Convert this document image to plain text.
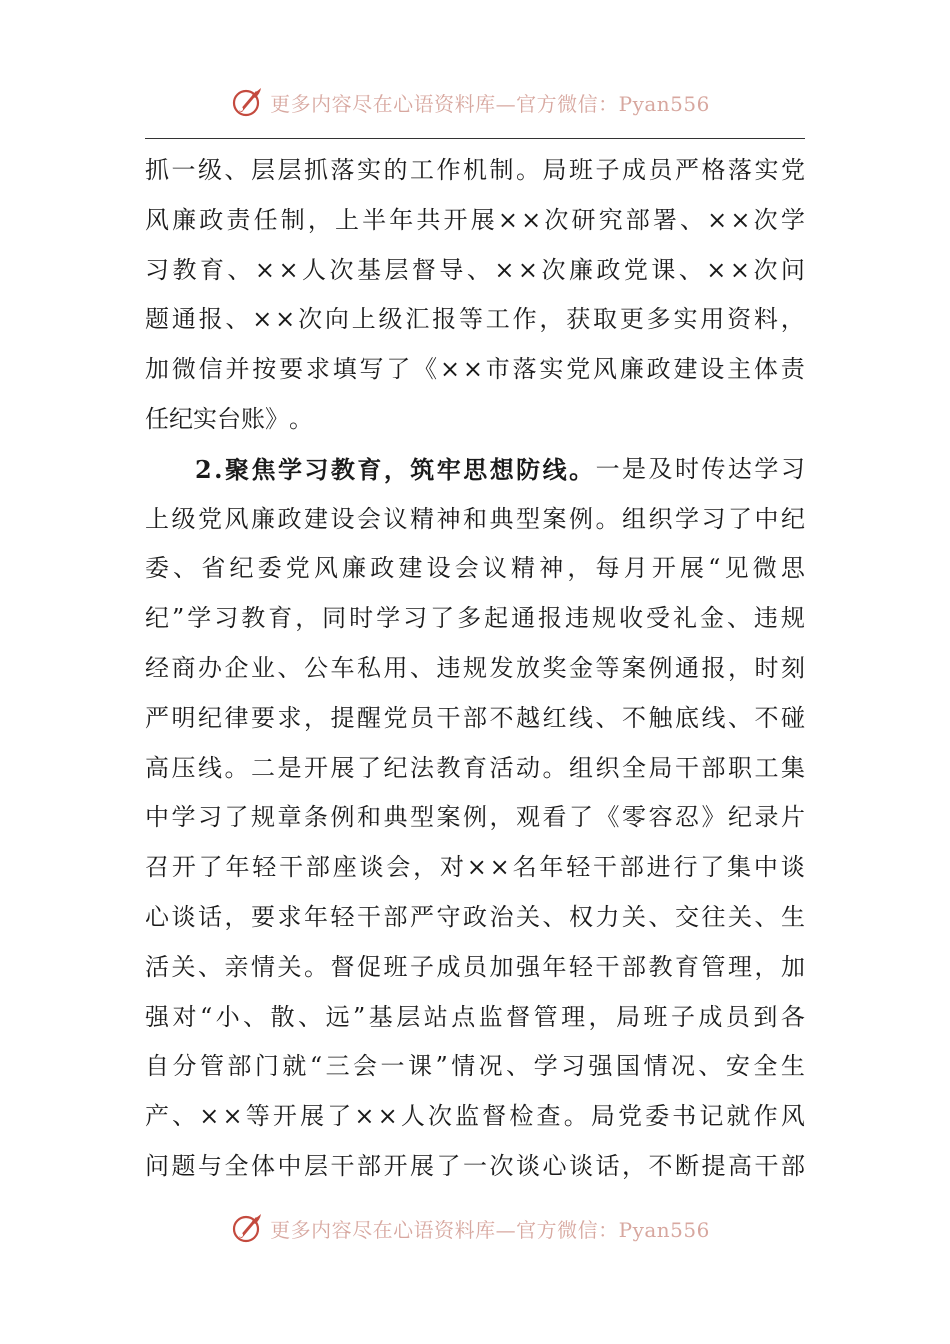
更多内容尽在心语资料库—官方微信：Pyan556
抓 一 级 、 层 层 抓 落 实 的 工 作 机 制 。 局 班 子 成 员 严 格 落 实 党
风 廉 政 责 任 制 ， 上 半 年 共 开 展 × × 次 研 究 部 署 、 × × 次 学
习 教 育 、 × × 人 次 基 层 督 导 、 × × 次 廉 政 党 课 、 × × 次 问
题 通 报 、 × × 次 向 上 级 汇 报 等 工 作 ， 获 取 更 多 实 用 资 料 ，
加 微 信 并 按 要 求 填 写 了 《 × × 市 落 实 党 风 廉 政 建 设 主 体 责
任 纪 实 台 账 》 。
2 . 聚 焦 学 习 教 育 ， 筑 牢 思 想 防 线 。 一 是 及 时 传 达 学 习
上 级 党 风 廉 政 建 设 会 议 精 神 和 典 型 案 例 。 组 织 学 习 了 中 纪
委 、 省 纪 委 党 风 廉 政 建 设 会 议 精 神 ， 每 月 开 展 “ 见 微 思
纪 ” 学 习 教 育 ， 同 时 学 习 了 多 起 通 报 违 规 收 受 礼 金 、 违 规
经 商 办 企 业 、 公 车 私 用 、 违 规 发 放 奖 金 等 案 例 通 报 ， 时 刻
严 明 纪 律 要 求 ， 提 醒 党 员 干 部 不 越 红 线 、 不 触 底 线 、 不 碰
高 压 线 。 二 是 开 展 了 纪 法 教 育 活 动 。 组 织 全 局 干 部 职 工 集
中 学 习 了 规 章 条 例 和 典 型 案 例 ， 观 看 了 《 零 容 忍 》 纪 录 片
召 开 了 年 轻 干 部 座 谈 会 ， 对 × × 名 年 轻 干 部 进 行 了 集 中 谈
心 谈 话 ， 要 求 年 轻 干 部 严 守 政 治 关 、 权 力 关 、 交 往 关 、 生
活 关 、 亲 情 关 。 督 促 班 子 成 员 加 强 年 轻 干 部 教 育 管 理 ， 加
强 对 “ 小 、 散 、 远 ” 基 层 站 点 监 督 管 理 ， 局 班 子 成 员 到 各
自 分 管 部 门 就 “ 三 会 一 课 ” 情 况 、 学 习 强 国 情 况 、 安 全 生
产 、 × × 等 开 展 了 × × 人 次 监 督 检 查 。 局 党 委 书 记 就 作 风
问 题 与 全 体 中 层 干 部 开 展 了 一 次 谈 心 谈 话 ， 不 断 提 高 干 部
更多内容尽在心语资料库—官方微信：Pyan556
